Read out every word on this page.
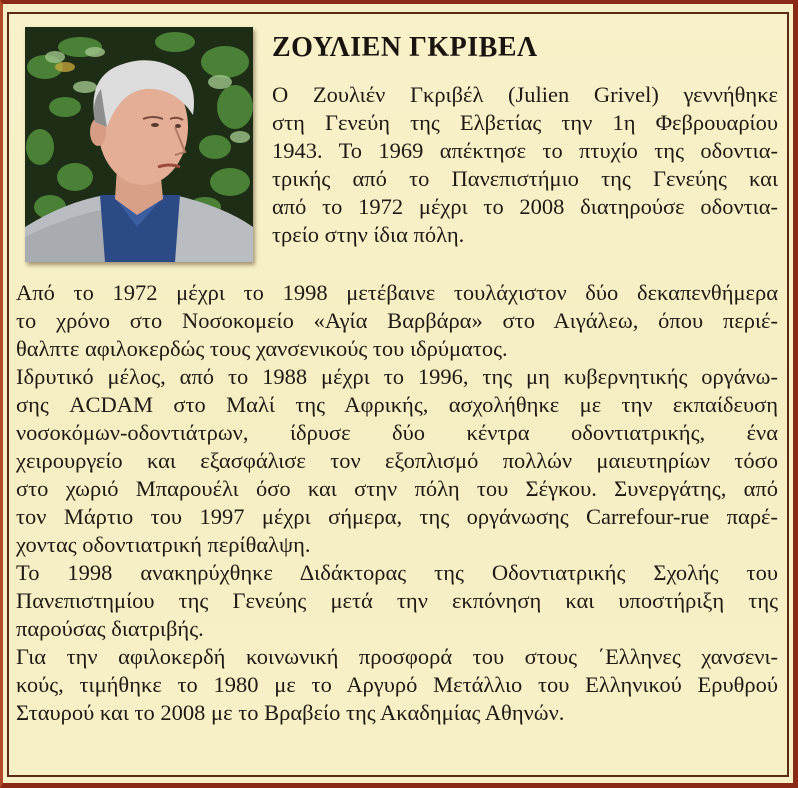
ΖΟΥΛΙΕΝ ΓΚΡΙΒΕΛ
Ο Ζουλιέν Γκριβέλ (Julien Grivel) γεννήθηκε
στη Γενεύη της Ελβετίας την 1η Φεβρουαρίου
1943. Το 1969 απέκτησε το πτυχίο της οδοντια-
τρικής από το Πανεπιστήμιο της Γενεύης και
από το 1972 μέχρι το 2008 διατηρούσε οδοντια-
τρείο στην ίδια πόλη.
Από το 1972 μέχρι το 1998 μετέβαινε τουλάχιστον δύο δεκαπενθήμερα
το χρόνο στο Νοσοκομείο «Αγία Βαρβάρα» στο Αιγάλεω, όπου περιέ-
θαλπτε αφιλοκερδώς τους χανσενικούς του ιδρύματος.
Ιδρυτικό μέλος, από το 1988 μέχρι το 1996, της μη κυβερνητικής οργάνω-
σης ACDAM στο Μαλί της Αφρικής, ασχολήθηκε με την εκπαίδευση
νοσοκόμων-οδοντιάτρων, ίδρυσε δύο κέντρα οδοντιατρικής, ένα
χειρουργείο και εξασφάλισε τον εξοπλισμό πολλών μαιευτηρίων τόσο
στο χωριό Μπαρουέλι όσο και στην πόλη του Σέγκου. Συνεργάτης, από
τον Μάρτιο του 1997 μέχρι σήμερα, της οργάνωσης Carrefour-rue παρέ-
χοντας οδοντιατρική περίθαλψη.
Το 1998 ανακηρύχθηκε Διδάκτορας της Οδοντιατρικής Σχολής του
Πανεπιστημίου της Γενεύης μετά την εκπόνηση και υποστήριξη της
παρούσας διατριβής.
Για την αφιλοκερδή κοινωνική προσφορά του στους ΄Ελληνες χανσενι-
κούς, τιμήθηκε το 1980 με το Αργυρό Μετάλλιο του Ελληνικού Ερυθρού
Σταυρού και το 2008 με το Βραβείο της Ακαδημίας Αθηνών.
